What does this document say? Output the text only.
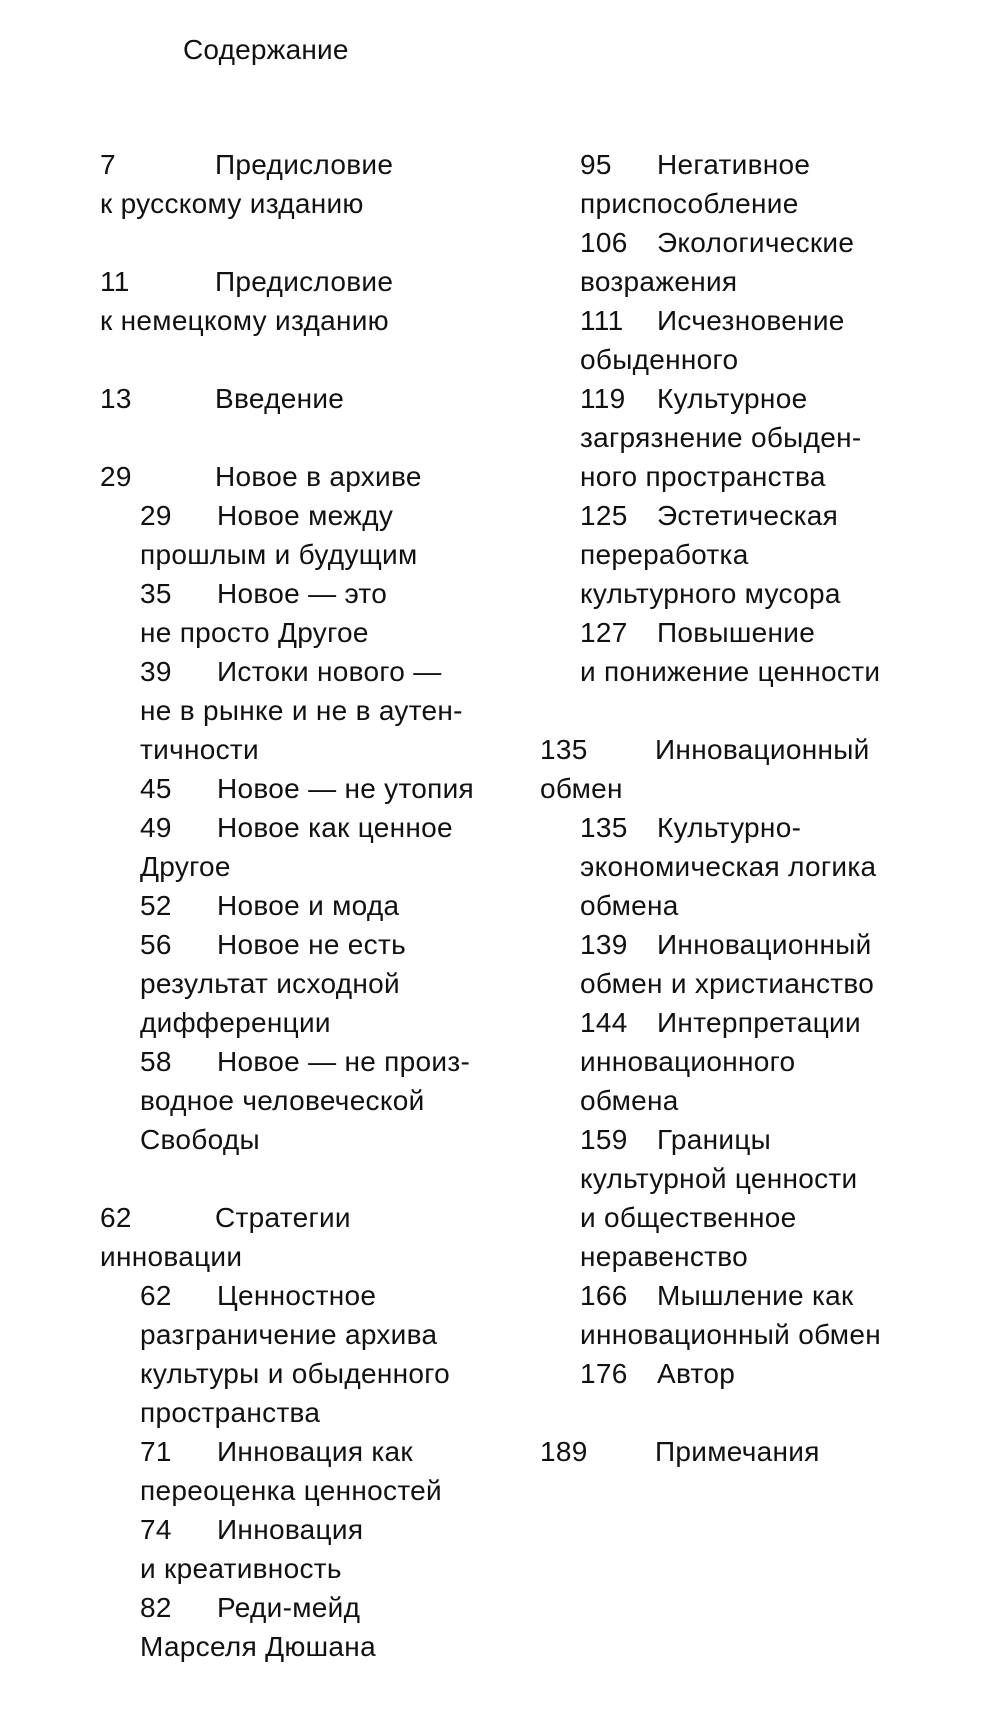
Содержание
7	Предисловие
к русскому изданию
11	Предисловие
к немецкому изданию
13	Введение
29	Новое в архиве
29 Новое между
прошлым и будущим
35 Новое — это
не просто Другое
39 Истоки нового —
не в рынке и не в аутен-
тичности
45 Новое — не утопия
49 Новое как ценное
Другое
52 Новое и мода
56 Новое не есть
результат исходной
дифференции
58 Новое — не произ-
водное человеческой
Свободы
62	Стратегии
инновации
62 Ценностное
разграничение архива
культуры и обыденного
пространства
71 Инновация как
переоценка ценностей
74 Инновация
и креативность
82 Реди-мейд
Марселя Дюшана
95 Негативное
приспособление
106 Экологические
возражения
111 Исчезновение
обыденного
119 Культурное
загрязнение обыден-
ного пространства
125 Эстетическая
переработка
культурного мусора
127 Повышение
и понижение ценности
135 Инновационный
обмен
135 Культурно-
экономическая логика
обмена
139 Инновационный
обмен и христианство
144 Интерпретации
инновационного
обмена
159 Границы
культурной ценности
и общественное
неравенство
166 Мышление как
инновационный обмен
176 Автор
189 Примечания
